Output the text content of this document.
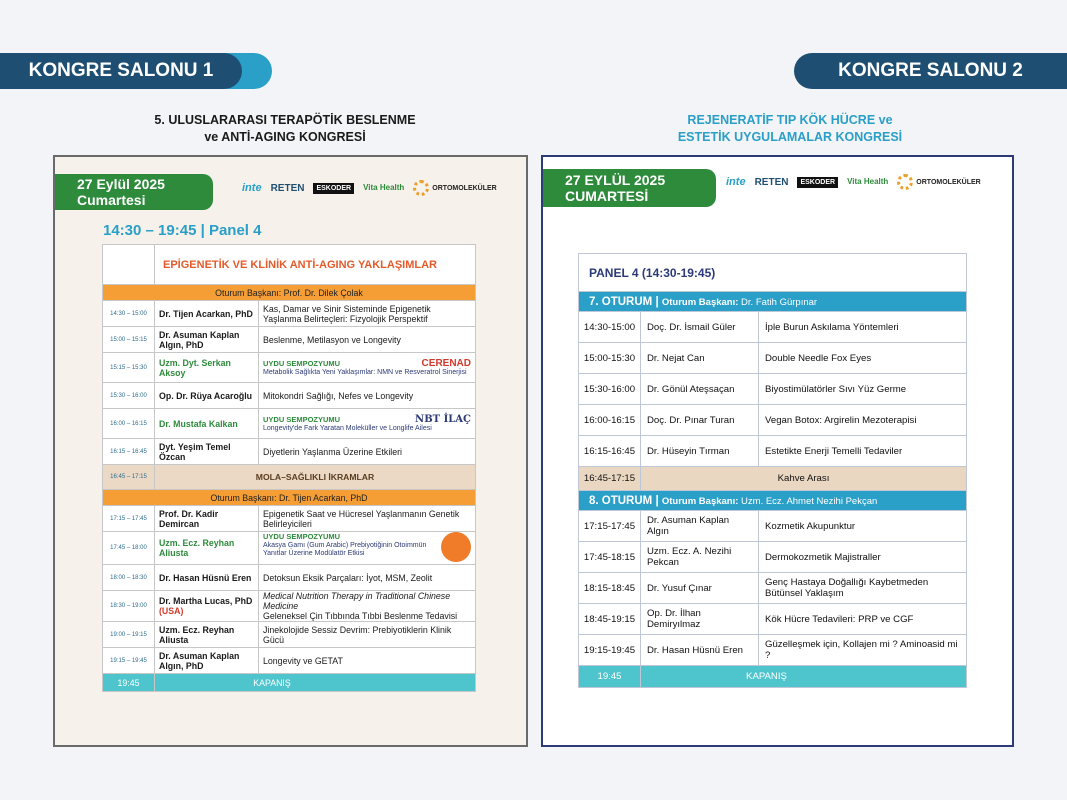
KONGRE SALONU 1	KONGRE SALONU 2
5. ULUSLARARASI TERAPÖTİK BESLENME
ve ANTİ-AGING KONGRESİ
REJENERATİF TIP KÖK HÜCRE ve
ESTETİK UYGULAMALAR KONGRESİ
27 Eylül 2025
Cumartesi
27 EYLÜL 2025
CUMARTESİ
inte RETEN	ESKODER	Vita Health	ORTOMOLEKÜLER
inte RETEN	ESKODER	Vita Health	ORTOMOLEKÜLER
14:30 – 19:45 | Panel 4
	EPİGENETİK VE KLİNİK ANTİ-AGING YAKLAŞIMLAR	
Oturum Başkanı: Prof. Dr. Dilek Çolak		
14:30 – 15:00	Dr. Tijen Acarkan, PhD	Kas, Damar ve Sinir Sisteminde Epigenetik Yaşlanma Belirteçleri: Fizyolojik Perspektif
15:00 – 15:15	Dr. Asuman Kaplan Algın, PhD	Beslenme, Metilasyon ve Longevity
15:15 – 15:30	Uzm. Dyt. Serkan Aksoy	CERENAD
UYDU SEMPOZYUMU
Metabolik Sağlıkta Yeni Yaklaşımlar: NMN ve Resveratrol Sinerjisi

15:30 – 16:00	Op. Dr. Rüya Acaroğlu	Mitokondri Sağlığı, Nefes ve Longevity
16:00 – 16:15	Dr. Mustafa Kalkan	NBT İLAÇ
UYDU SEMPOZYUMU
Longevity'de Fark Yaratan Moleküller ve Longlife Ailesi

16:15 – 16:45	Dyt. Yeşim Temel Özcan	Diyetlerin Yaşlanma Üzerine Etkileri
16:45 – 17:15	MOLA–SAĞLIKLI İKRAMLAR	
Oturum Başkanı: Dr. Tijen Acarkan, PhD		
17:15 – 17:45	Prof. Dr. Kadir Demircan	Epigenetik Saat ve Hücresel Yaşlanmanın Genetik Belirleyicileri
17:45 – 18:00	Uzm. Ecz. Reyhan Aliusta	UYDU SEMPOZYUMU
Akasya Gamı (Gum Arabic) Prebiyotiğinin Otoimmün Yanıtlar Üzerine Modülatör Etkisi

18:00 – 18:30	Dr. Hasan Hüsnü Eren	Detoksun Eksik Parçaları: İyot, MSM, Zeolit
18:30 – 19:00	Dr. Martha Lucas, PhD (USA)	Medical Nutrition Therapy in Traditional Chinese Medicine
Geleneksel Çin Tıbbında Tıbbi Beslenme Tedavisi
19:00 – 19:15	Uzm. Ecz. Reyhan Aliusta	Jinekolojide Sessiz Devrim: Prebiyotiklerin Klinik Gücü
19:15 – 19:45	Dr. Asuman Kaplan Algın, PhD	Longevity ve GETAT
19:45	KAPANIŞ	
PANEL 4 (14:30-19:45)		
7. OTURUM | Oturum Başkanı: Dr. Fatih Gürpınar		
14:30-15:00	Doç. Dr. İsmail Güler	İple Burun Askılama Yöntemleri
15:00-15:30	Dr. Nejat Can	Double Needle Fox Eyes
15:30-16:00	Dr. Gönül Ateşsaçan	Biyostimülatörler Sıvı Yüz Germe
16:00-16:15	Doç. Dr. Pınar Turan	Vegan Botox: Argirelin Mezoterapisi
16:15-16:45	Dr. Hüseyin Tırman	Estetikte Enerji Temelli Tedaviler
16:45-17:15	Kahve Arası	
8. OTURUM | Oturum Başkanı: Uzm. Ecz. Ahmet Nezihi Pekçan		
17:15-17:45	Dr. Asuman Kaplan Algın	Kozmetik Akupunktur
17:45-18:15	Uzm. Ecz. A. Nezihi Pekcan	Dermokozmetik Majistraller
18:15-18:45	Dr. Yusuf Çınar	Genç Hastaya Doğallığı Kaybetmeden Bütünsel Yaklaşım
18:45-19:15	Op. Dr. İlhan Demiryılmaz	Kök Hücre Tedavileri: PRP ve CGF
19:15-19:45	Dr. Hasan Hüsnü Eren	Güzelleşmek için, Kollajen mi ? Aminoasid mi ?
19:45	KAPANIŞ	
